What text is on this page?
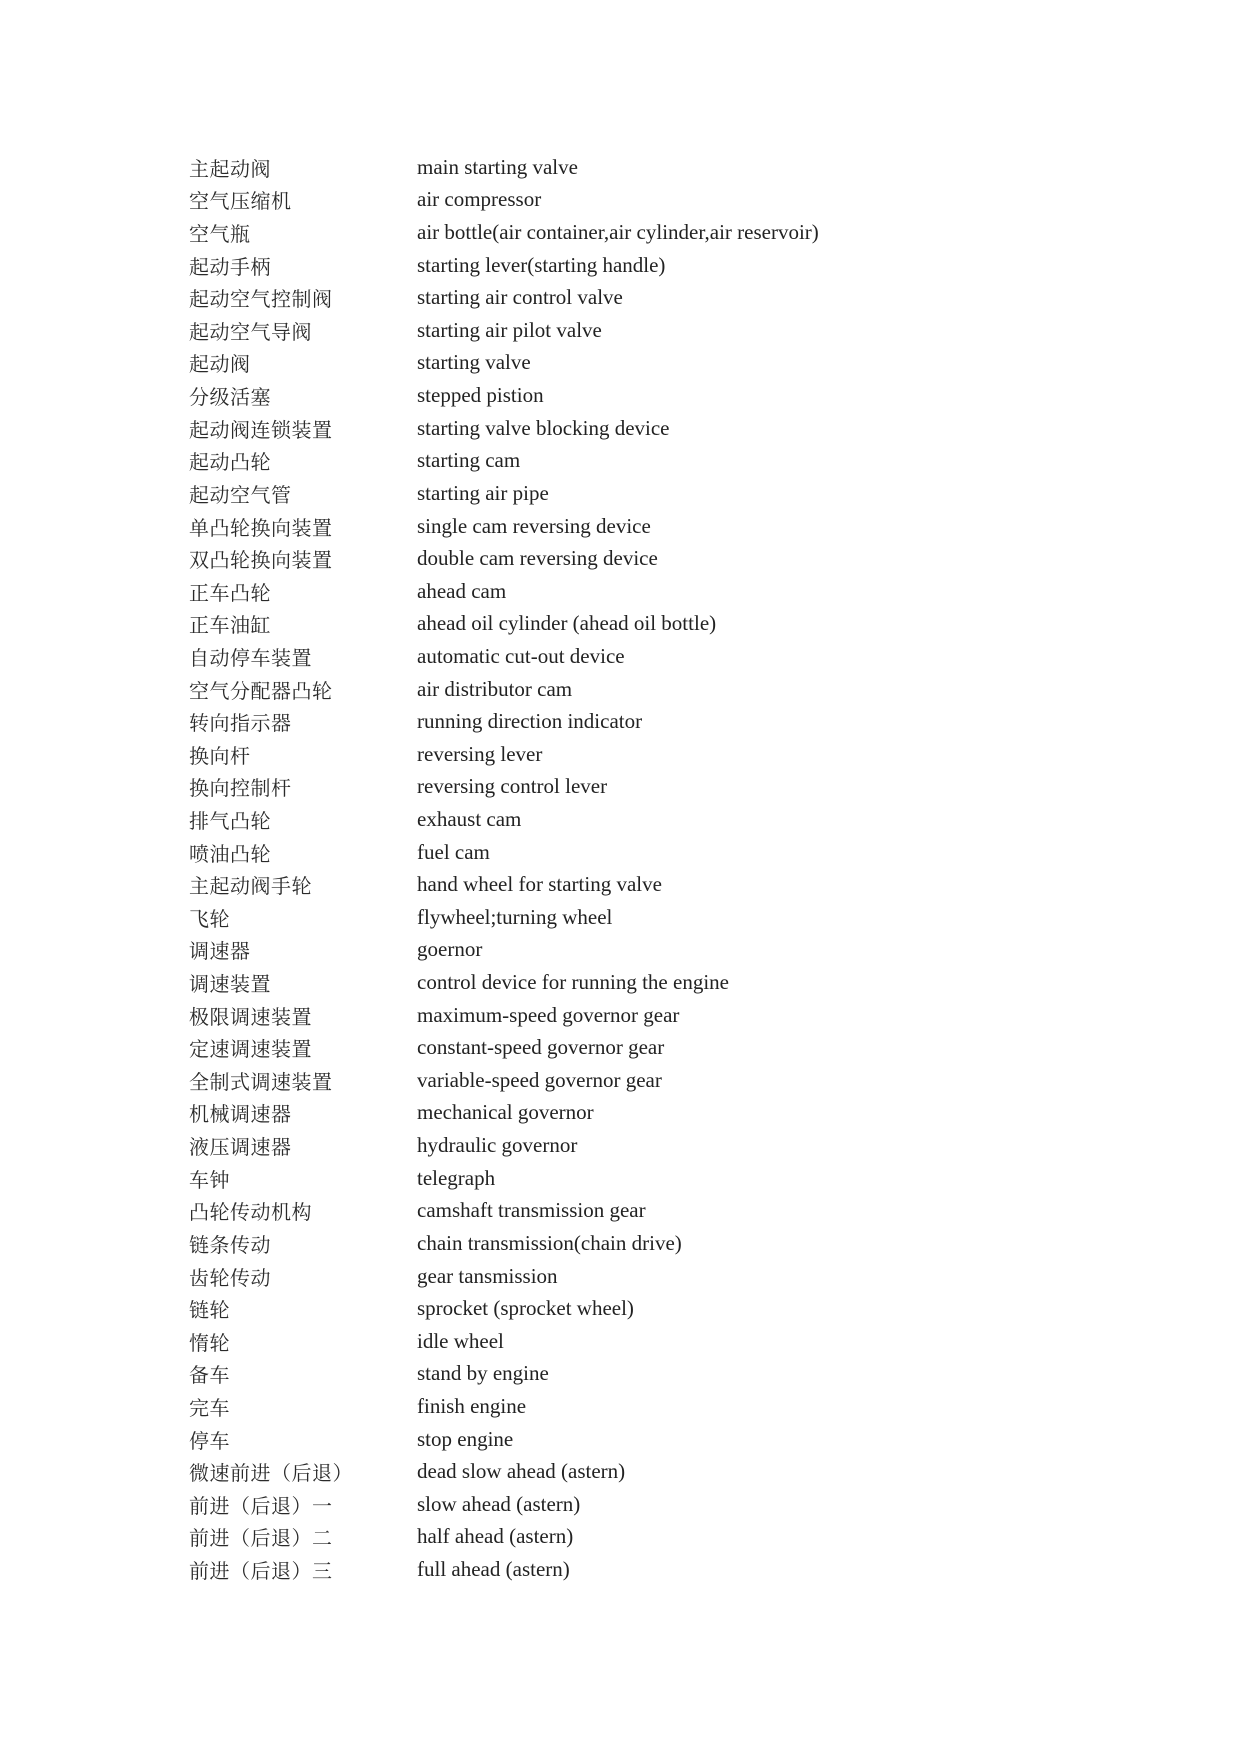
主起动阀	main starting valve
空气压缩机	air compressor
空气瓶	air bottle(air container,air cylinder,air reservoir)
起动手柄	starting lever(starting handle)
起动空气控制阀	starting air control valve
起动空气导阀	starting air pilot valve
起动阀	starting valve
分级活塞	stepped pistion
起动阀连锁装置	starting valve blocking device
起动凸轮	starting cam
起动空气管	starting air pipe
单凸轮换向装置	single cam reversing device
双凸轮换向装置	double cam reversing device
正车凸轮	ahead cam
正车油缸	ahead oil cylinder (ahead oil bottle)
自动停车装置	automatic cut-out device
空气分配器凸轮	air distributor cam
转向指示器	running direction indicator
换向杆	reversing lever
换向控制杆	reversing control lever
排气凸轮	exhaust cam
喷油凸轮	fuel cam
主起动阀手轮	hand wheel for starting valve
飞轮	flywheel;turning wheel
调速器	goernor
调速装置	control device for running the engine
极限调速装置	maximum-speed governor gear
定速调速装置	constant-speed governor gear
全制式调速装置	variable-speed governor gear
机械调速器	mechanical governor
液压调速器	hydraulic governor
车钟	telegraph
凸轮传动机构	camshaft transmission gear
链条传动	chain transmission(chain drive)
齿轮传动	gear tansmission
链轮	sprocket (sprocket wheel)
惰轮	idle wheel
备车	stand by engine
完车	finish engine
停车	stop engine
微速前进（后退）	dead slow ahead (astern)
前进（后退）一	slow ahead (astern)
前进（后退）二	half ahead (astern)
前进（后退）三	full ahead (astern)
